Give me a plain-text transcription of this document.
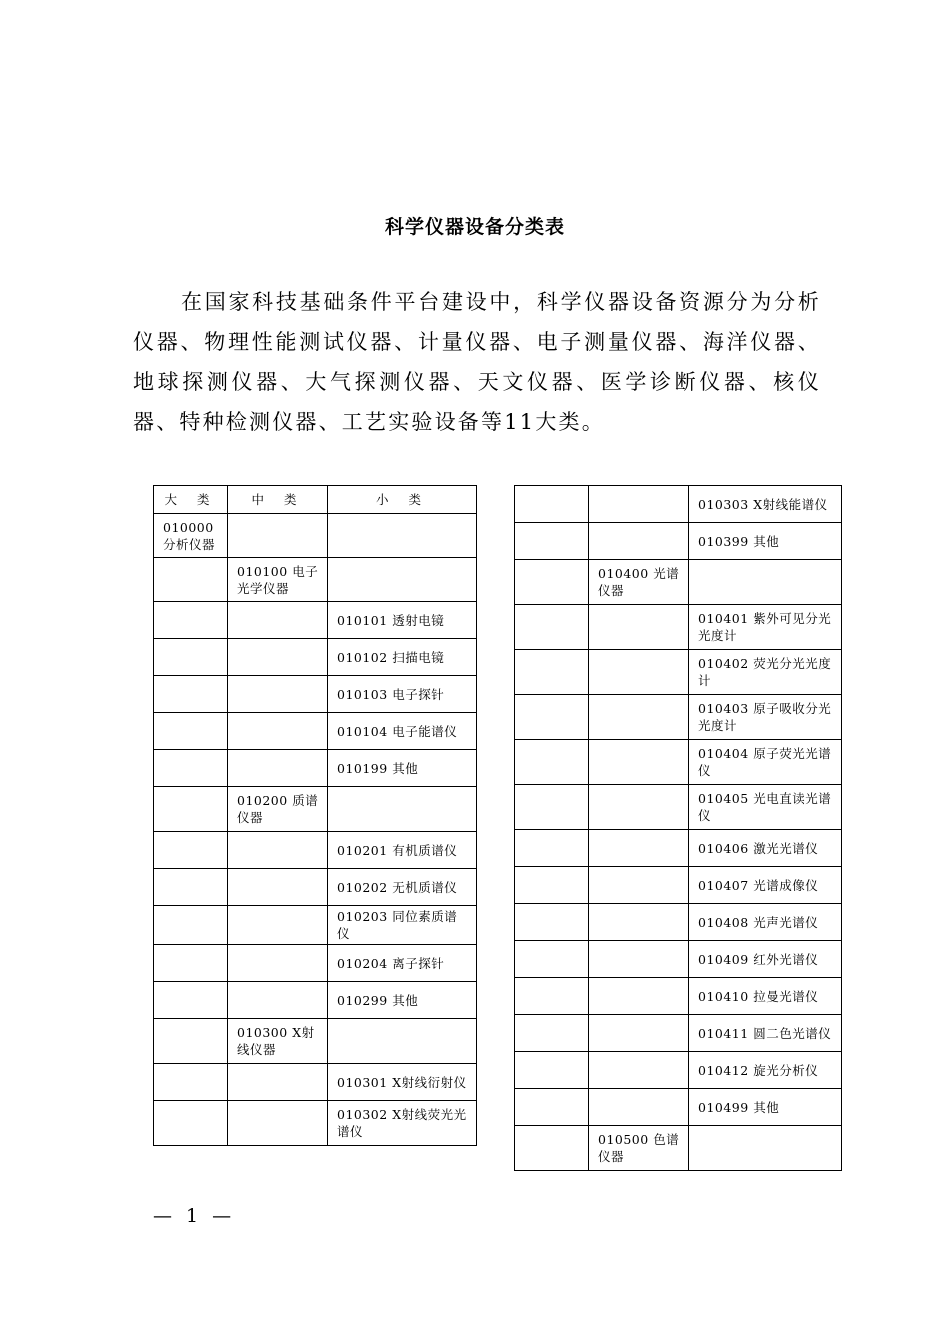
科学仪器设备分类表

在国家科技基础条件平台建设中，科学仪器设备资源分为分析仪器、物理性能测试仪器、计量仪器、电子测量仪器、海洋仪器、地球探测仪器、大气探测仪器、天文仪器、医学诊断仪器、核仪器、特种检测仪器、工艺实验设备等11大类。

大 类	中 类	小 类
010000 分析仪器		
	010100 电子光学仪器	
		010101 透射电镜
		010102 扫描电镜
		010103 电子探针
		010104 电子能谱仪
		010199 其他
	010200 质谱仪器	
		010201 有机质谱仪
		010202 无机质谱仪
		010203 同位素质谱仪
		010204 离子探针
		010299 其他
	010300 X射线仪器	
		010301 X射线衍射仪
		010302 X射线荧光光谱仪
		010303 X射线能谱仪
		010399 其他
	010400 光谱仪器	
		010401 紫外可见分光光度计
		010402 荧光分光光度计
		010403 原子吸收分光光度计
		010404 原子荧光光谱仪
		010405 光电直读光谱仪
		010406 激光光谱仪
		010407 光谱成像仪
		010408 光声光谱仪
		010409 红外光谱仪
		010410 拉曼光谱仪
		010411 圆二色光谱仪
		010412 旋光分析仪
		010499 其他
	010500 色谱仪器	
— 1 —
